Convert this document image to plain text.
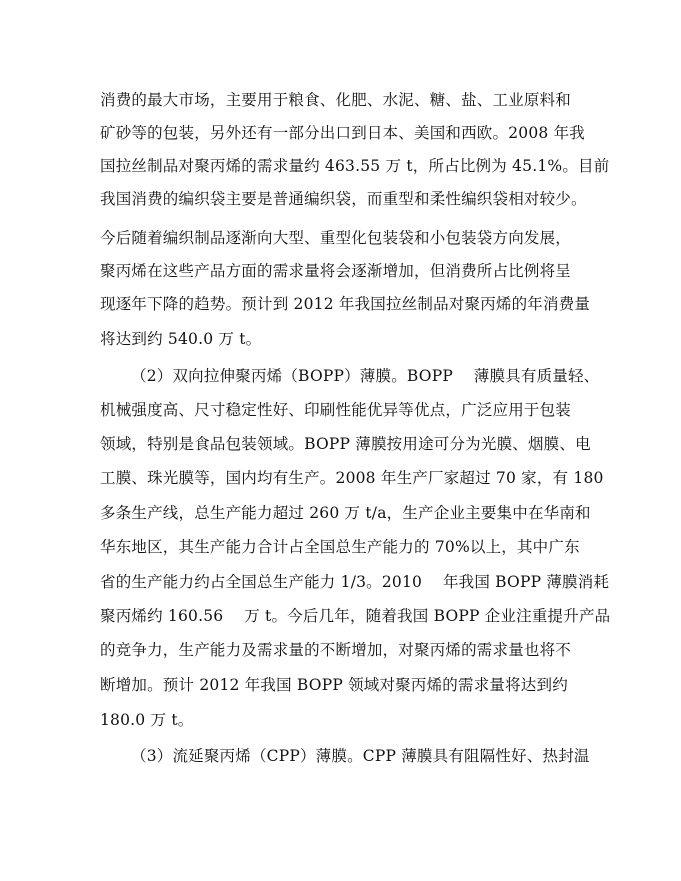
消费的最大市场，主要用于粮食、化肥、水泥、糖、盐、工业原料和
矿砂等的包装，另外还有一部分出口到日本、美国和西欧。2008 年我
国拉丝制品对聚丙烯的需求量约 463.55 万 t，所占比例为 45.1%。目前
我国消费的编织袋主要是普通编织袋，而重型和柔性编织袋相对较少。
今后随着编织制品逐渐向大型、重型化包装袋和小包装袋方向发展，
聚丙烯在这些产品方面的需求量将会逐渐增加，但消费所占比例将呈
现逐年下降的趋势。预计到 2012 年我国拉丝制品对聚丙烯的年消费量
将达到约 540.0 万 t。
（2）双向拉伸聚丙烯（BOPP）薄膜。BOPP　 薄膜具有质量轻、
机械强度高、尺寸稳定性好、印刷性能优异等优点，广泛应用于包装
领域，特别是食品包装领域。BOPP 薄膜按用途可分为光膜、烟膜、电
工膜、珠光膜等，国内均有生产。2008 年生产厂家超过 70 家，有 180
多条生产线，总生产能力超过 260 万 t/a，生产企业主要集中在华南和
华东地区，其生产能力合计占全国总生产能力的 70%以上，其中广东
省的生产能力约占全国总生产能力 1/3。2010　 年我国 BOPP 薄膜消耗
聚丙烯约 160.56　 万 t。今后几年，随着我国 BOPP 企业注重提升产品
的竞争力，生产能力及需求量的不断增加，对聚丙烯的需求量也将不
断增加。预计 2012 年我国 BOPP 领域对聚丙烯的需求量将达到约
180.0 万 t。
（3）流延聚丙烯（CPP）薄膜。CPP 薄膜具有阻隔性好、热封温
